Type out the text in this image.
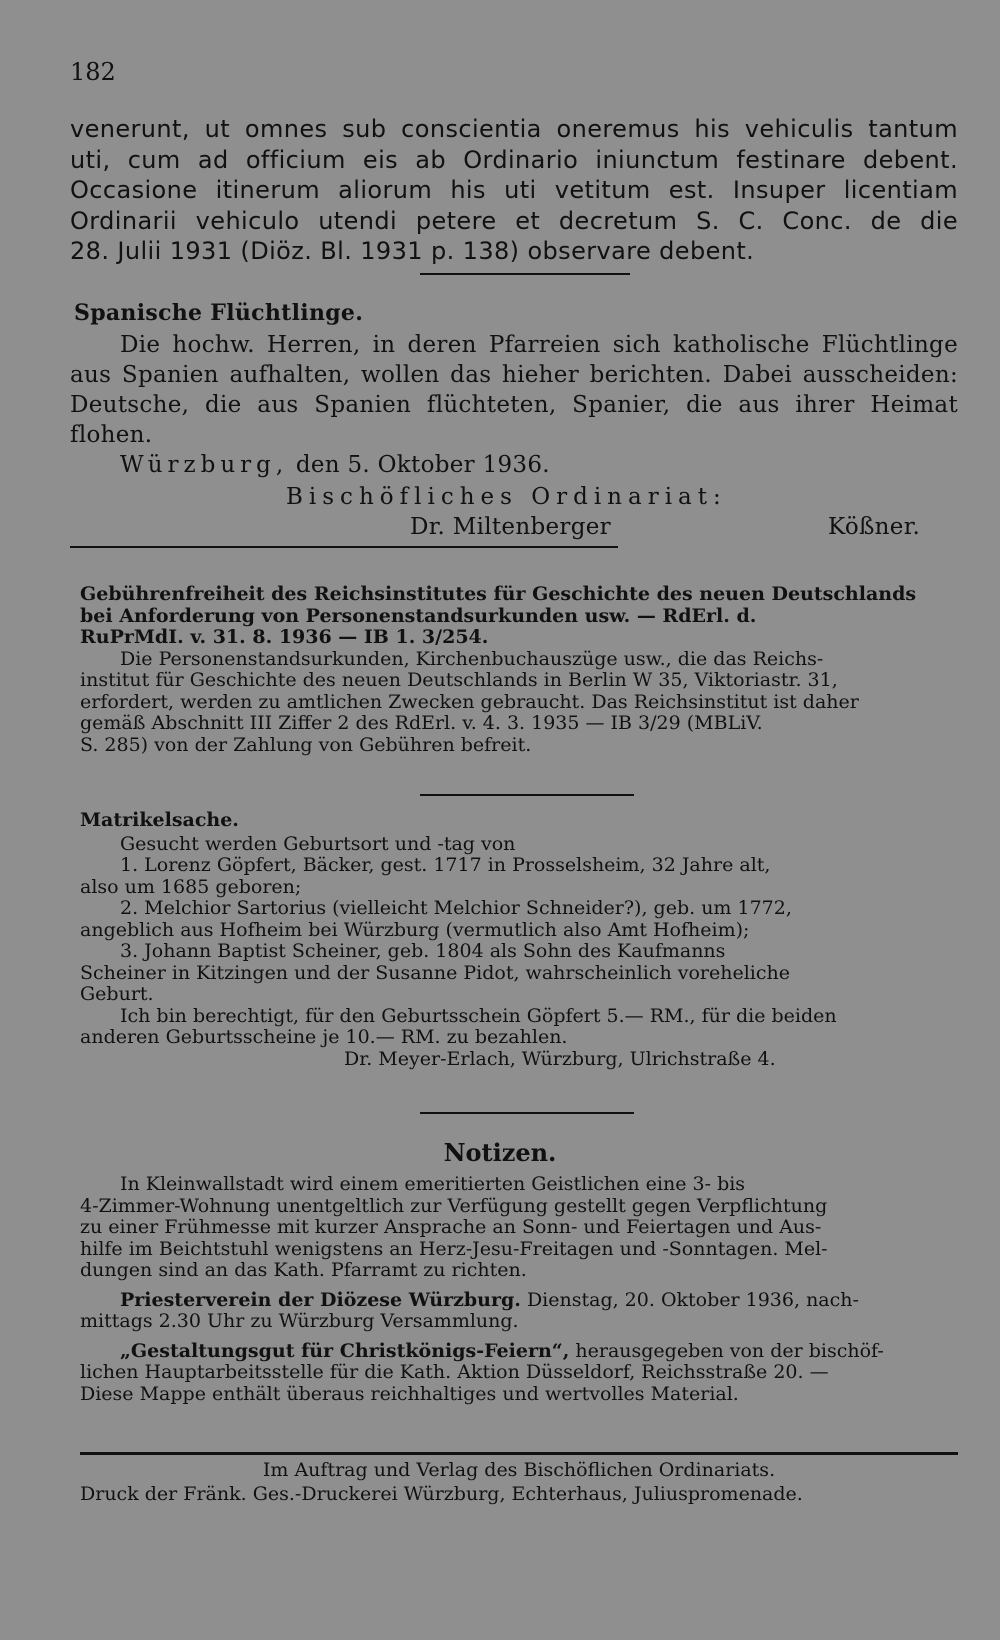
182

venerunt, ut omnes sub conscientia oneremus his vehiculis tantum

uti, cum ad officium eis ab Ordinario iniunctum festinare debent.

Occasione itinerum aliorum his uti vetitum est. Insuper licentiam

Ordinarii vehiculo utendi petere et decretum S. C. Conc. de die

28. Julii 1931 (Diöz. Bl. 1931 p. 138) observare debent.

Spanische Flüchtlinge.

Die hochw. Herren, in deren Pfarreien sich katholische Flüchtlinge

aus Spanien aufhalten, wollen das hieher berichten. Dabei ausscheiden:

Deutsche, die aus Spanien flüchteten, Spanier, die aus ihrer Heimat

flohen.

Würzburg, den 5. Oktober 1936.

Bischöfliches Ordinariat:

Dr. Miltenberger	Kößner.

Gebührenfreiheit des Reichsinstitutes für Geschichte des neuen Deutschlands

bei Anforderung von Personenstandsurkunden usw. — RdErl. d.

RuPrMdI. v. 31. 8. 1936 — IB 1. 3/254.

Die Personenstandsurkunden, Kirchenbuchauszüge usw., die das Reichs-

institut für Geschichte des neuen Deutschlands in Berlin W 35, Viktoriastr. 31,

erfordert, werden zu amtlichen Zwecken gebraucht. Das Reichsinstitut ist daher

gemäß Abschnitt III Ziffer 2 des RdErl. v. 4. 3. 1935 — IB 3/29 (MBLiV.

S. 285) von der Zahlung von Gebühren befreit.

Matrikelsache.

Gesucht werden Geburtsort und -tag von

1. Lorenz Göpfert, Bäcker, gest. 1717 in Prosselsheim, 32 Jahre alt,

also um 1685 geboren;

2. Melchior Sartorius (vielleicht Melchior Schneider?), geb. um 1772,

angeblich aus Hofheim bei Würzburg (vermutlich also Amt Hofheim);

3. Johann Baptist Scheiner, geb. 1804 als Sohn des Kaufmanns

Scheiner in Kitzingen und der Susanne Pidot, wahrscheinlich voreheliche

Geburt.

Ich bin berechtigt, für den Geburtsschein Göpfert 5.— RM., für die beiden

anderen Geburtsscheine je 10.— RM. zu bezahlen.

Dr. Meyer-Erlach, Würzburg, Ulrichstraße 4.

Notizen.

In Kleinwallstadt wird einem emeritierten Geistlichen eine 3- bis

4-Zimmer-Wohnung unentgeltlich zur Verfügung gestellt gegen Verpflichtung

zu einer Frühmesse mit kurzer Ansprache an Sonn- und Feiertagen und Aus-

hilfe im Beichtstuhl wenigstens an Herz-Jesu-Freitagen und -Sonntagen. Mel-

dungen sind an das Kath. Pfarramt zu richten.

Priesterverein der Diözese Würzburg. Dienstag, 20. Oktober 1936, nach-

mittags 2.30 Uhr zu Würzburg Versammlung.

„Gestaltungsgut für Christkönigs-Feiern“, herausgegeben von der bischöf-

lichen Hauptarbeitsstelle für die Kath. Aktion Düsseldorf, Reichsstraße 20. —

Diese Mappe enthält überaus reichhaltiges und wertvolles Material.

Im Auftrag und Verlag des Bischöflichen Ordinariats.

Druck der Fränk. Ges.-Druckerei Würzburg, Echterhaus, Juliuspromenade.
